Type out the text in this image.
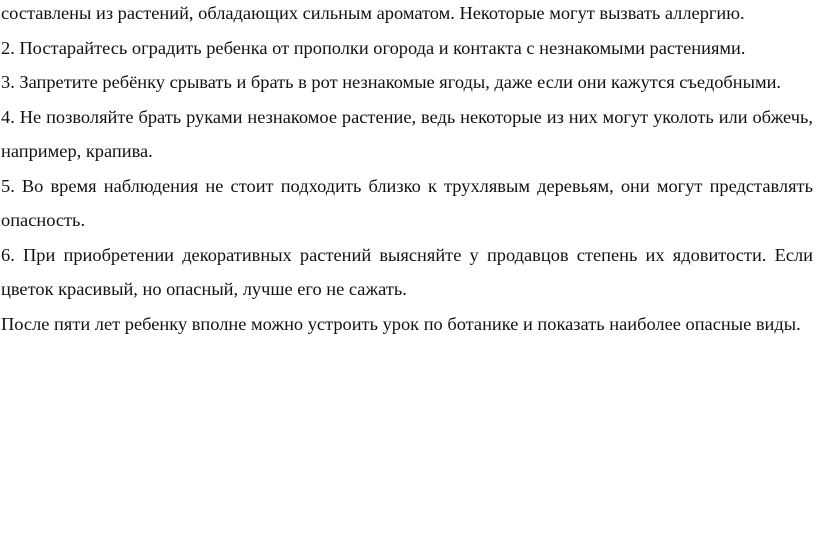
составлены из растений, обладающих сильным ароматом. Некоторые могут вызвать аллергию.

2. Постарайтесь оградить ребенка от прополки огорода и контакта с незнакомыми растениями.

3. Запретите ребёнку срывать и брать в рот незнакомые ягоды, даже если они кажутся съедобными.

4. Не позволяйте брать руками незнакомое растение, ведь некоторые из них могут уколоть или обжечь, например, крапива.

5. Во время наблюдения не стоит подходить близко к трухлявым деревьям, они могут представлять опасность.

6. При приобретении декоративных растений выясняйте у продавцов степень их ядовитости. Если цветок красивый, но опасный, лучше его не сажать.

После пяти лет ребенку вполне можно устроить урок по ботанике и показать наиболее опасные виды.
